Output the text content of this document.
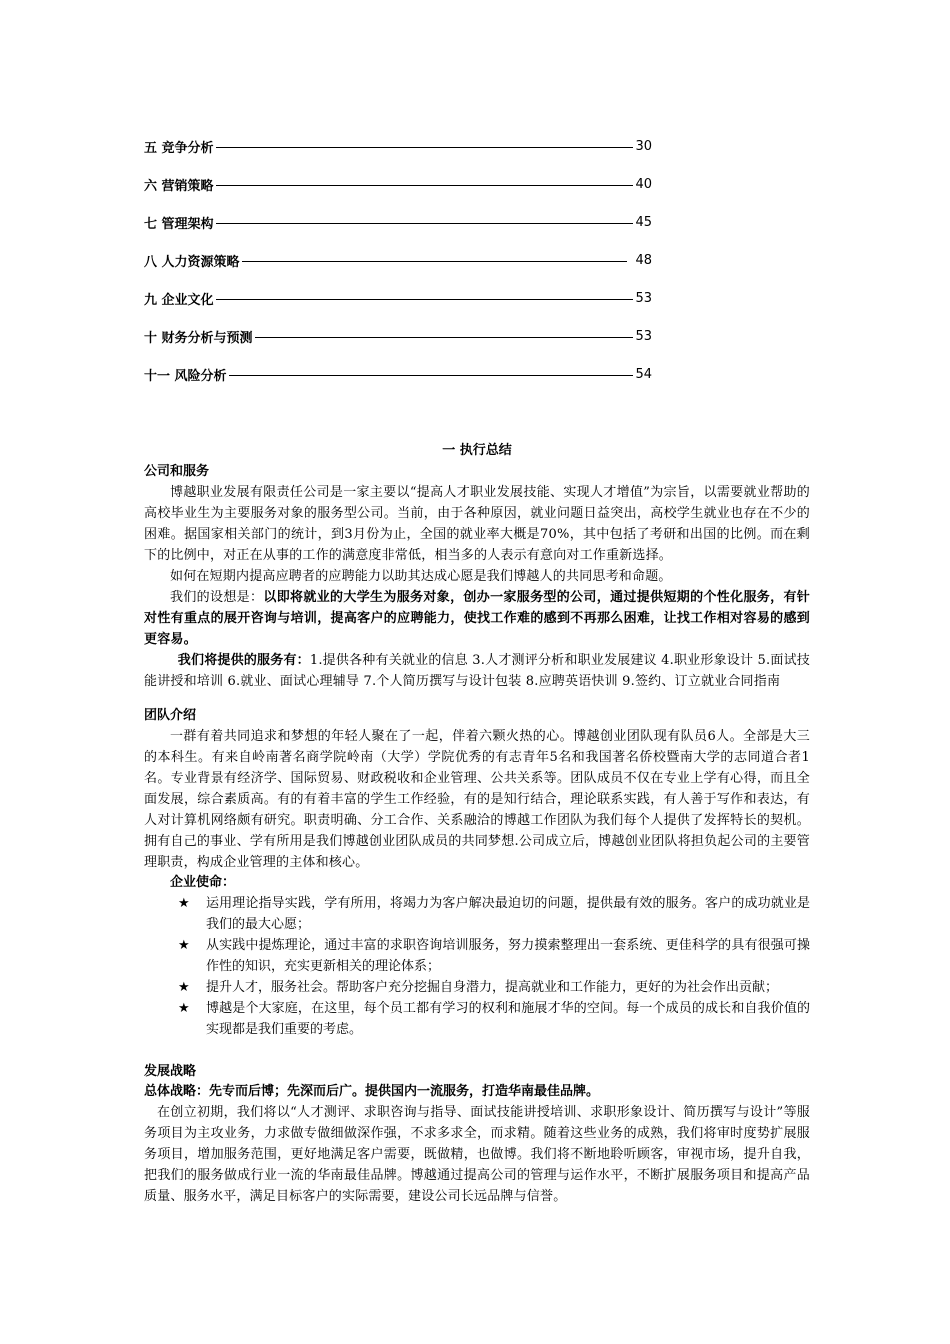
五 竞争分析	30
六 营销策略	40
七 管理架构	45
八 人力资源策略	48
九 企业文化	53
十 财务分析与预测	53
十一 风险分析	54
一 执行总结
公司和服务

博越职业发展有限责任公司是一家主要以“提高人才职业发展技能、实现人才增值”为宗旨，以需要就业帮助的高校毕业生为主要服务对象的服务型公司。当前，由于各种原因，就业问题日益突出，高校学生就业也存在不少的困难。据国家相关部门的统计，到3月份为止，全国的就业率大概是70%，其中包括了考研和出国的比例。而在剩下的比例中，对正在从事的工作的满意度非常低，相当多的人表示有意向对工作重新选择。

如何在短期内提高应聘者的应聘能力以助其达成心愿是我们博越人的共同思考和命题。

我们的设想是：以即将就业的大学生为服务对象，创办一家服务型的公司，通过提供短期的个性化服务，有针对性有重点的展开咨询与培训，提高客户的应聘能力，使找工作难的感到不再那么困难，让找工作相对容易的感到更容易。

我们将提供的服务有：1.提供各种有关就业的信息 3.人才测评分析和职业发展建议 4.职业形象设计 5.面试技能讲授和培训 6.就业、面试心理辅导 7.个人简历撰写与设计包装 8.应聘英语快训 9.签约、订立就业合同指南

团队介绍

一群有着共同追求和梦想的年轻人聚在了一起，伴着六颗火热的心。博越创业团队现有队员6人。全部是大三的本科生。有来自岭南著名商学院岭南（大学）学院优秀的有志青年5名和我国著名侨校暨南大学的志同道合者1名。专业背景有经济学、国际贸易、财政税收和企业管理、公共关系等。团队成员不仅在专业上学有心得，而且全面发展，综合素质高。有的有着丰富的学生工作经验，有的是知行结合，理论联系实践，有人善于写作和表达，有人对计算机网络颇有研究。职责明确、分工合作、关系融洽的博越工作团队为我们每个人提供了发挥特长的契机。拥有自己的事业、学有所用是我们博越创业团队成员的共同梦想.公司成立后，博越创业团队将担负起公司的主要管理职责，构成企业管理的主体和核心。

企业使命：
★ 运用理论指导实践，学有所用，将竭力为客户解决最迫切的问题，提供最有效的服务。客户的成功就业是我们的最大心愿；
★ 从实践中提炼理论，通过丰富的求职咨询培训服务，努力摸索整理出一套系统、更佳科学的具有很强可操作性的知识，充实更新相关的理论体系；
★ 提升人才，服务社会。帮助客户充分挖掘自身潜力，提高就业和工作能力，更好的为社会作出贡献；
★ 博越是个大家庭，在这里，每个员工都有学习的权利和施展才华的空间。每一个成员的成长和自我价值的实现都是我们重要的考虑。
发展战略
总体战略：先专而后博；先深而后广。提供国内一流服务，打造华南最佳品牌。

在创立初期，我们将以“人才测评、求职咨询与指导、面试技能讲授培训、求职形象设计、简历撰写与设计”等服务项目为主攻业务，力求做专做细做深作强，不求多求全，而求精。随着这些业务的成熟，我们将审时度势扩展服务项目，增加服务范围，更好地满足客户需要，既做精，也做博。我们将不断地聆听顾客，审视市场，提升自我，把我们的服务做成行业一流的华南最佳品牌。博越通过提高公司的管理与运作水平，不断扩展服务项目和提高产品质量、服务水平，满足目标客户的实际需要，建设公司长远品牌与信誉。
